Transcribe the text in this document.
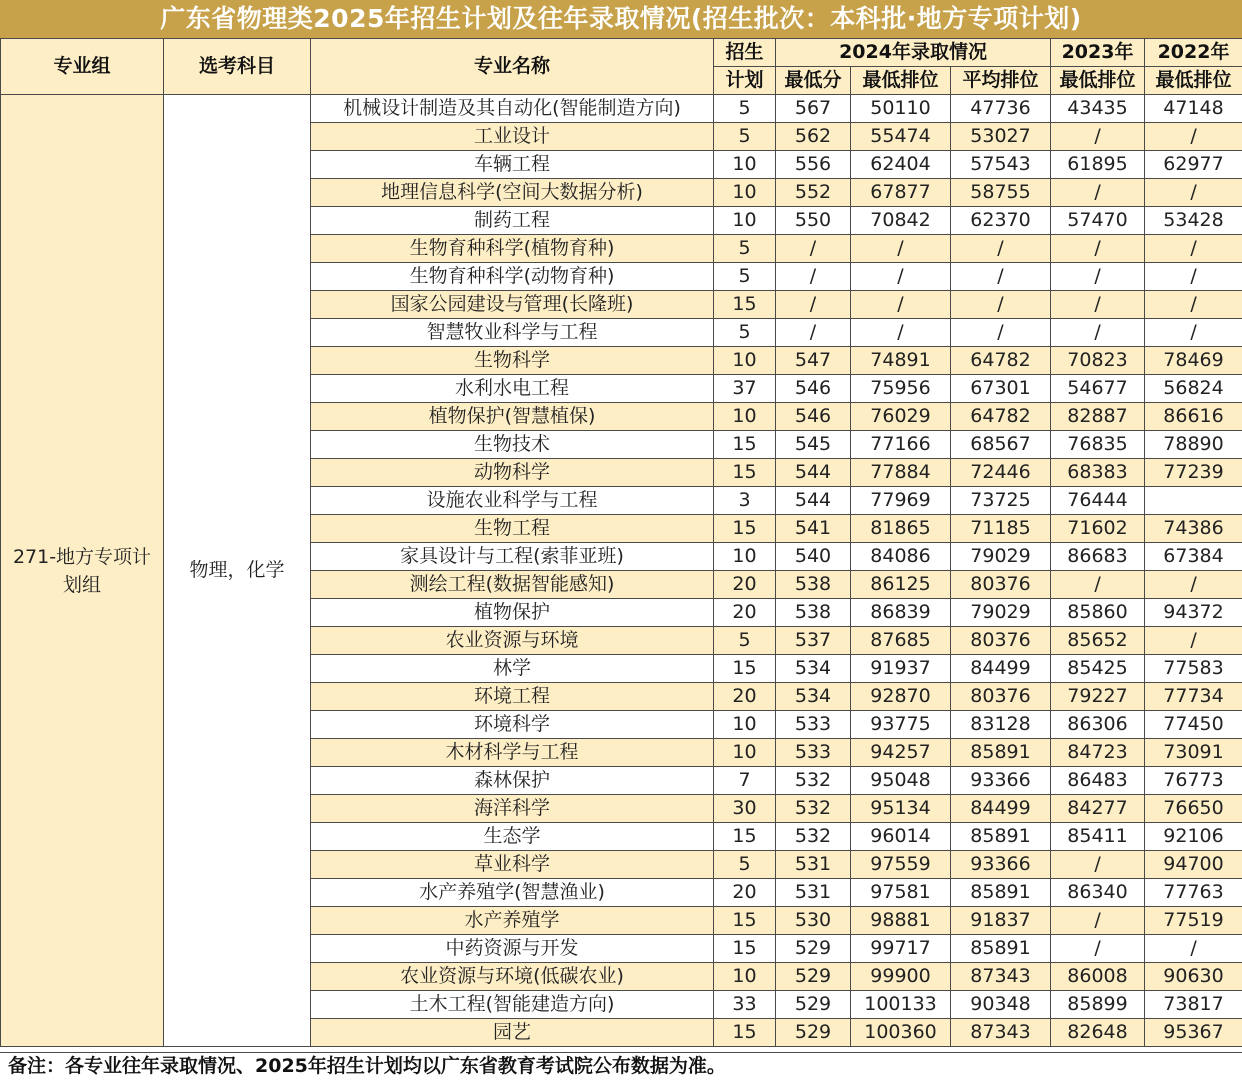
广东省物理类2025年招生计划及往年录取情况(招生批次：本科批·地方专项计划)
专业组	选考科目	专业名称	招生	2024年录取情况			2023年	2022年
			计划	最低分	最低排位	平均排位	最低排位	最低排位
271-地方专项计划组	物理，化学	机械设计制造及其自动化(智能制造方向)	5	567	50110	47736	43435	47148
		工业设计	5	562	55474	53027	/	/
		车辆工程	10	556	62404	57543	61895	62977
		地理信息科学(空间大数据分析)	10	552	67877	58755	/	/
		制药工程	10	550	70842	62370	57470	53428
		生物育种科学(植物育种)	5	/	/	/	/	/
		生物育种科学(动物育种)	5	/	/	/	/	/
		国家公园建设与管理(长隆班)	15	/	/	/	/	/
		智慧牧业科学与工程	5	/	/	/	/	/
		生物科学	10	547	74891	64782	70823	78469
		水利水电工程	37	546	75956	67301	54677	56824
		植物保护(智慧植保)	10	546	76029	64782	82887	86616
		生物技术	15	545	77166	68567	76835	78890
		动物科学	15	544	77884	72446	68383	77239
		设施农业科学与工程	3	544	77969	73725	76444	
		生物工程	15	541	81865	71185	71602	74386
		家具设计与工程(索菲亚班)	10	540	84086	79029	86683	67384
		测绘工程(数据智能感知)	20	538	86125	80376	/	/
		植物保护	20	538	86839	79029	85860	94372
		农业资源与环境	5	537	87685	80376	85652	/
		林学	15	534	91937	84499	85425	77583
		环境工程	20	534	92870	80376	79227	77734
		环境科学	10	533	93775	83128	86306	77450
		木材科学与工程	10	533	94257	85891	84723	73091
		森林保护	7	532	95048	93366	86483	76773
		海洋科学	30	532	95134	84499	84277	76650
		生态学	15	532	96014	85891	85411	92106
		草业科学	5	531	97559	93366	/	94700
		水产养殖学(智慧渔业)	20	531	97581	85891	86340	77763
		水产养殖学	15	530	98881	91837	/	77519
		中药资源与开发	15	529	99717	85891	/	/
		农业资源与环境(低碳农业)	10	529	99900	87343	86008	90630
		土木工程(智能建造方向)	33	529	100133	90348	85899	73817
		园艺	15	529	100360	87343	82648	95367
备注：各专业往年录取情况、2025年招生计划均以广东省教育考试院公布数据为准。
